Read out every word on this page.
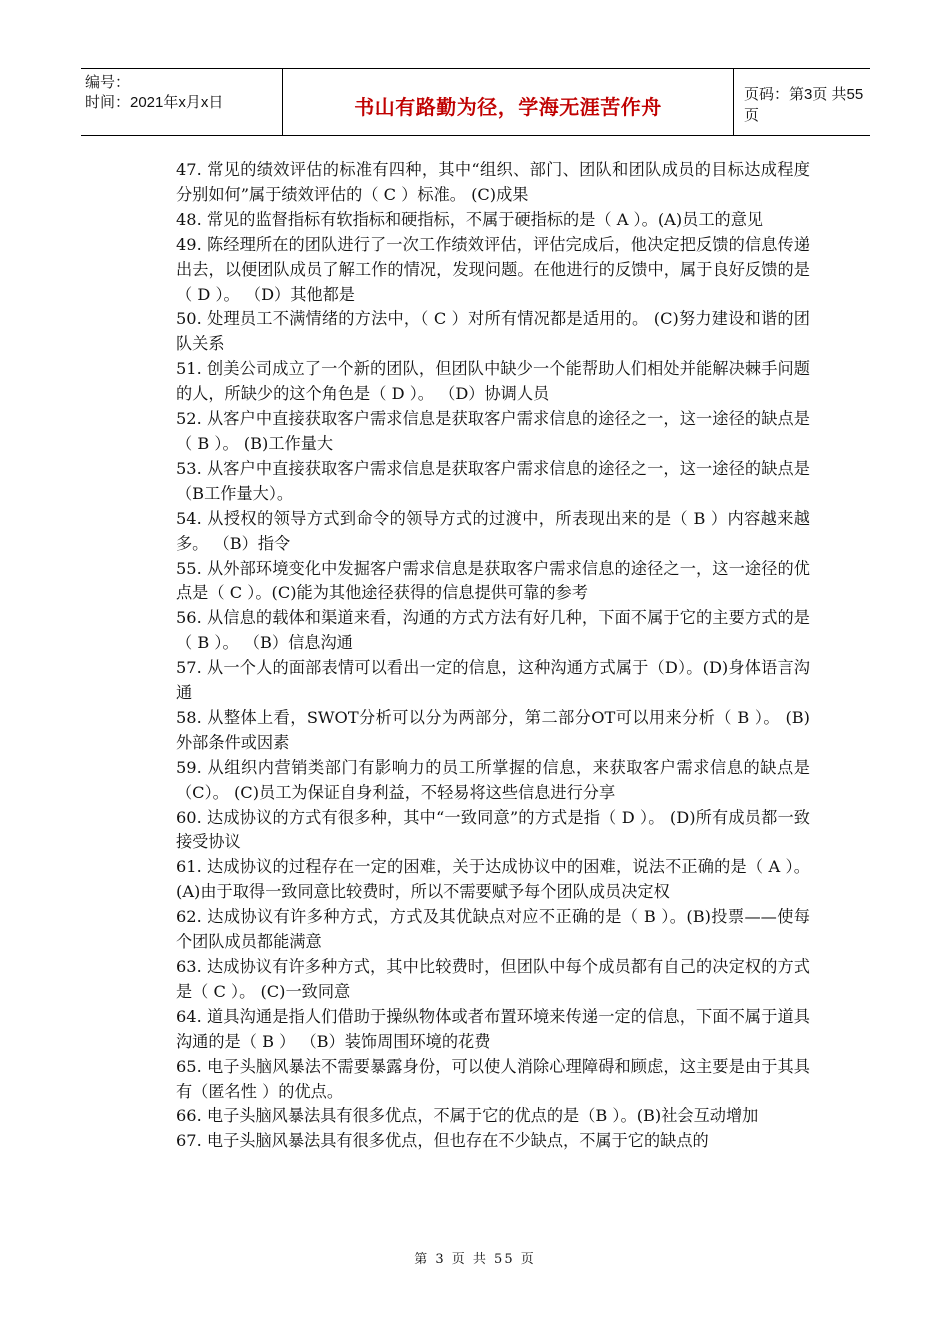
编号：
时间：2021年x月x日	书山有路勤为径，学海无涯苦作舟	页码：第3页 共55页

47. 常见的绩效评估的标准有四种，其中“组织、部门、团队和团队成员的目标达成程度分别如何”属于绩效评估的（ C ）标准。 (C)成果

48. 常见的监督指标有软指标和硬指标，不属于硬指标的是（ A ）。(A)员工的意见

49. 陈经理所在的团队进行了一次工作绩效评估，评估完成后，他决定把反馈的信息传递出去，以便团队成员了解工作的情况，发现问题。在他进行的反馈中，属于良好反馈的是（ D ）。 （D）其他都是

50. 处理员工不满情绪的方法中，（ C ）对所有情况都是适用的。 (C)努力建设和谐的团队关系

51. 创美公司成立了一个新的团队，但团队中缺少一个能帮助人们相处并能解决棘手问题的人，所缺少的这个角色是（ D ）。 （D）协调人员

52. 从客户中直接获取客户需求信息是获取客户需求信息的途径之一，这一途径的缺点是（ B ）。 (B)工作量大

53. 从客户中直接获取客户需求信息是获取客户需求信息的途径之一，这一途径的缺点是（B工作量大）。

54. 从授权的领导方式到命令的领导方式的过渡中，所表现出来的是（ B ）内容越来越多。 （B）指令

55. 从外部环境变化中发掘客户需求信息是获取客户需求信息的途径之一，这一途径的优点是（ C ）。(C)能为其他途径获得的信息提供可靠的参考

56. 从信息的载体和渠道来看，沟通的方式方法有好几种，下面不属于它的主要方式的是（ B ）。 （B）信息沟通

57. 从一个人的面部表情可以看出一定的信息，这种沟通方式属于（D）。(D)身体语言沟通

58. 从整体上看，SWOT分析可以分为两部分，第二部分OT可以用来分析（ B ）。 (B)外部条件或因素

59. 从组织内营销类部门有影响力的员工所掌握的信息，来获取客户需求信息的缺点是（C）。 (C)员工为保证自身利益，不轻易将这些信息进行分享

60. 达成协议的方式有很多种，其中“一致同意”的方式是指（ D ）。 (D)所有成员都一致接受协议

61. 达成协议的过程存在一定的困难，关于达成协议中的困难，说法不正确的是（ A ）。(A)由于取得一致同意比较费时，所以不需要赋予每个团队成员决定权

62. 达成协议有许多种方式，方式及其优缺点对应不正确的是（ B ）。(B)投票——使每个团队成员都能满意

63. 达成协议有许多种方式，其中比较费时，但团队中每个成员都有自己的决定权的方式是（ C ）。 (C)一致同意

64. 道具沟通是指人们借助于操纵物体或者布置环境来传递一定的信息，下面不属于道具沟通的是（ B ） （B）装饰周围环境的花费

65. 电子头脑风暴法不需要暴露身份，可以使人消除心理障碍和顾虑，这主要是由于其具有（匿名性 ）的优点。

66. 电子头脑风暴法具有很多优点，不属于它的优点的是（B ）。(B)社会互动增加

67. 电子头脑风暴法具有很多优点，但也存在不少缺点，不属于它的缺点的

第 3 页 共 55 页
